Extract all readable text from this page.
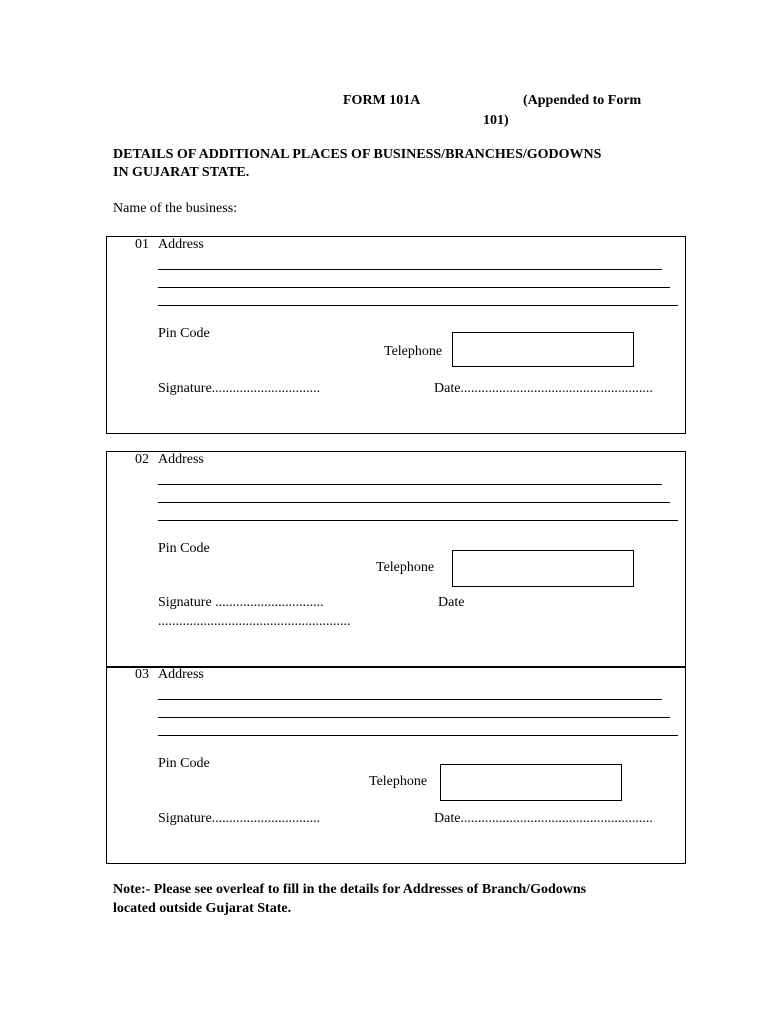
FORM 101A	(Appended to Form
101)
DETAILS OF ADDITIONAL PLACES OF BUSINESS/BRANCHES/GODOWNS
IN GUJARAT STATE.
Name of the business:
01 Address
Pin Code
Telephone
Signature...............................	Date.......................................................
02 Address
Pin Code
Telephone
Signature ...............................	Date
.......................................................
03 Address
Pin Code
Telephone
Signature...............................	Date.......................................................
Note:- Please see overleaf to fill in the details for Addresses of Branch/Godowns
located outside Gujarat State.
